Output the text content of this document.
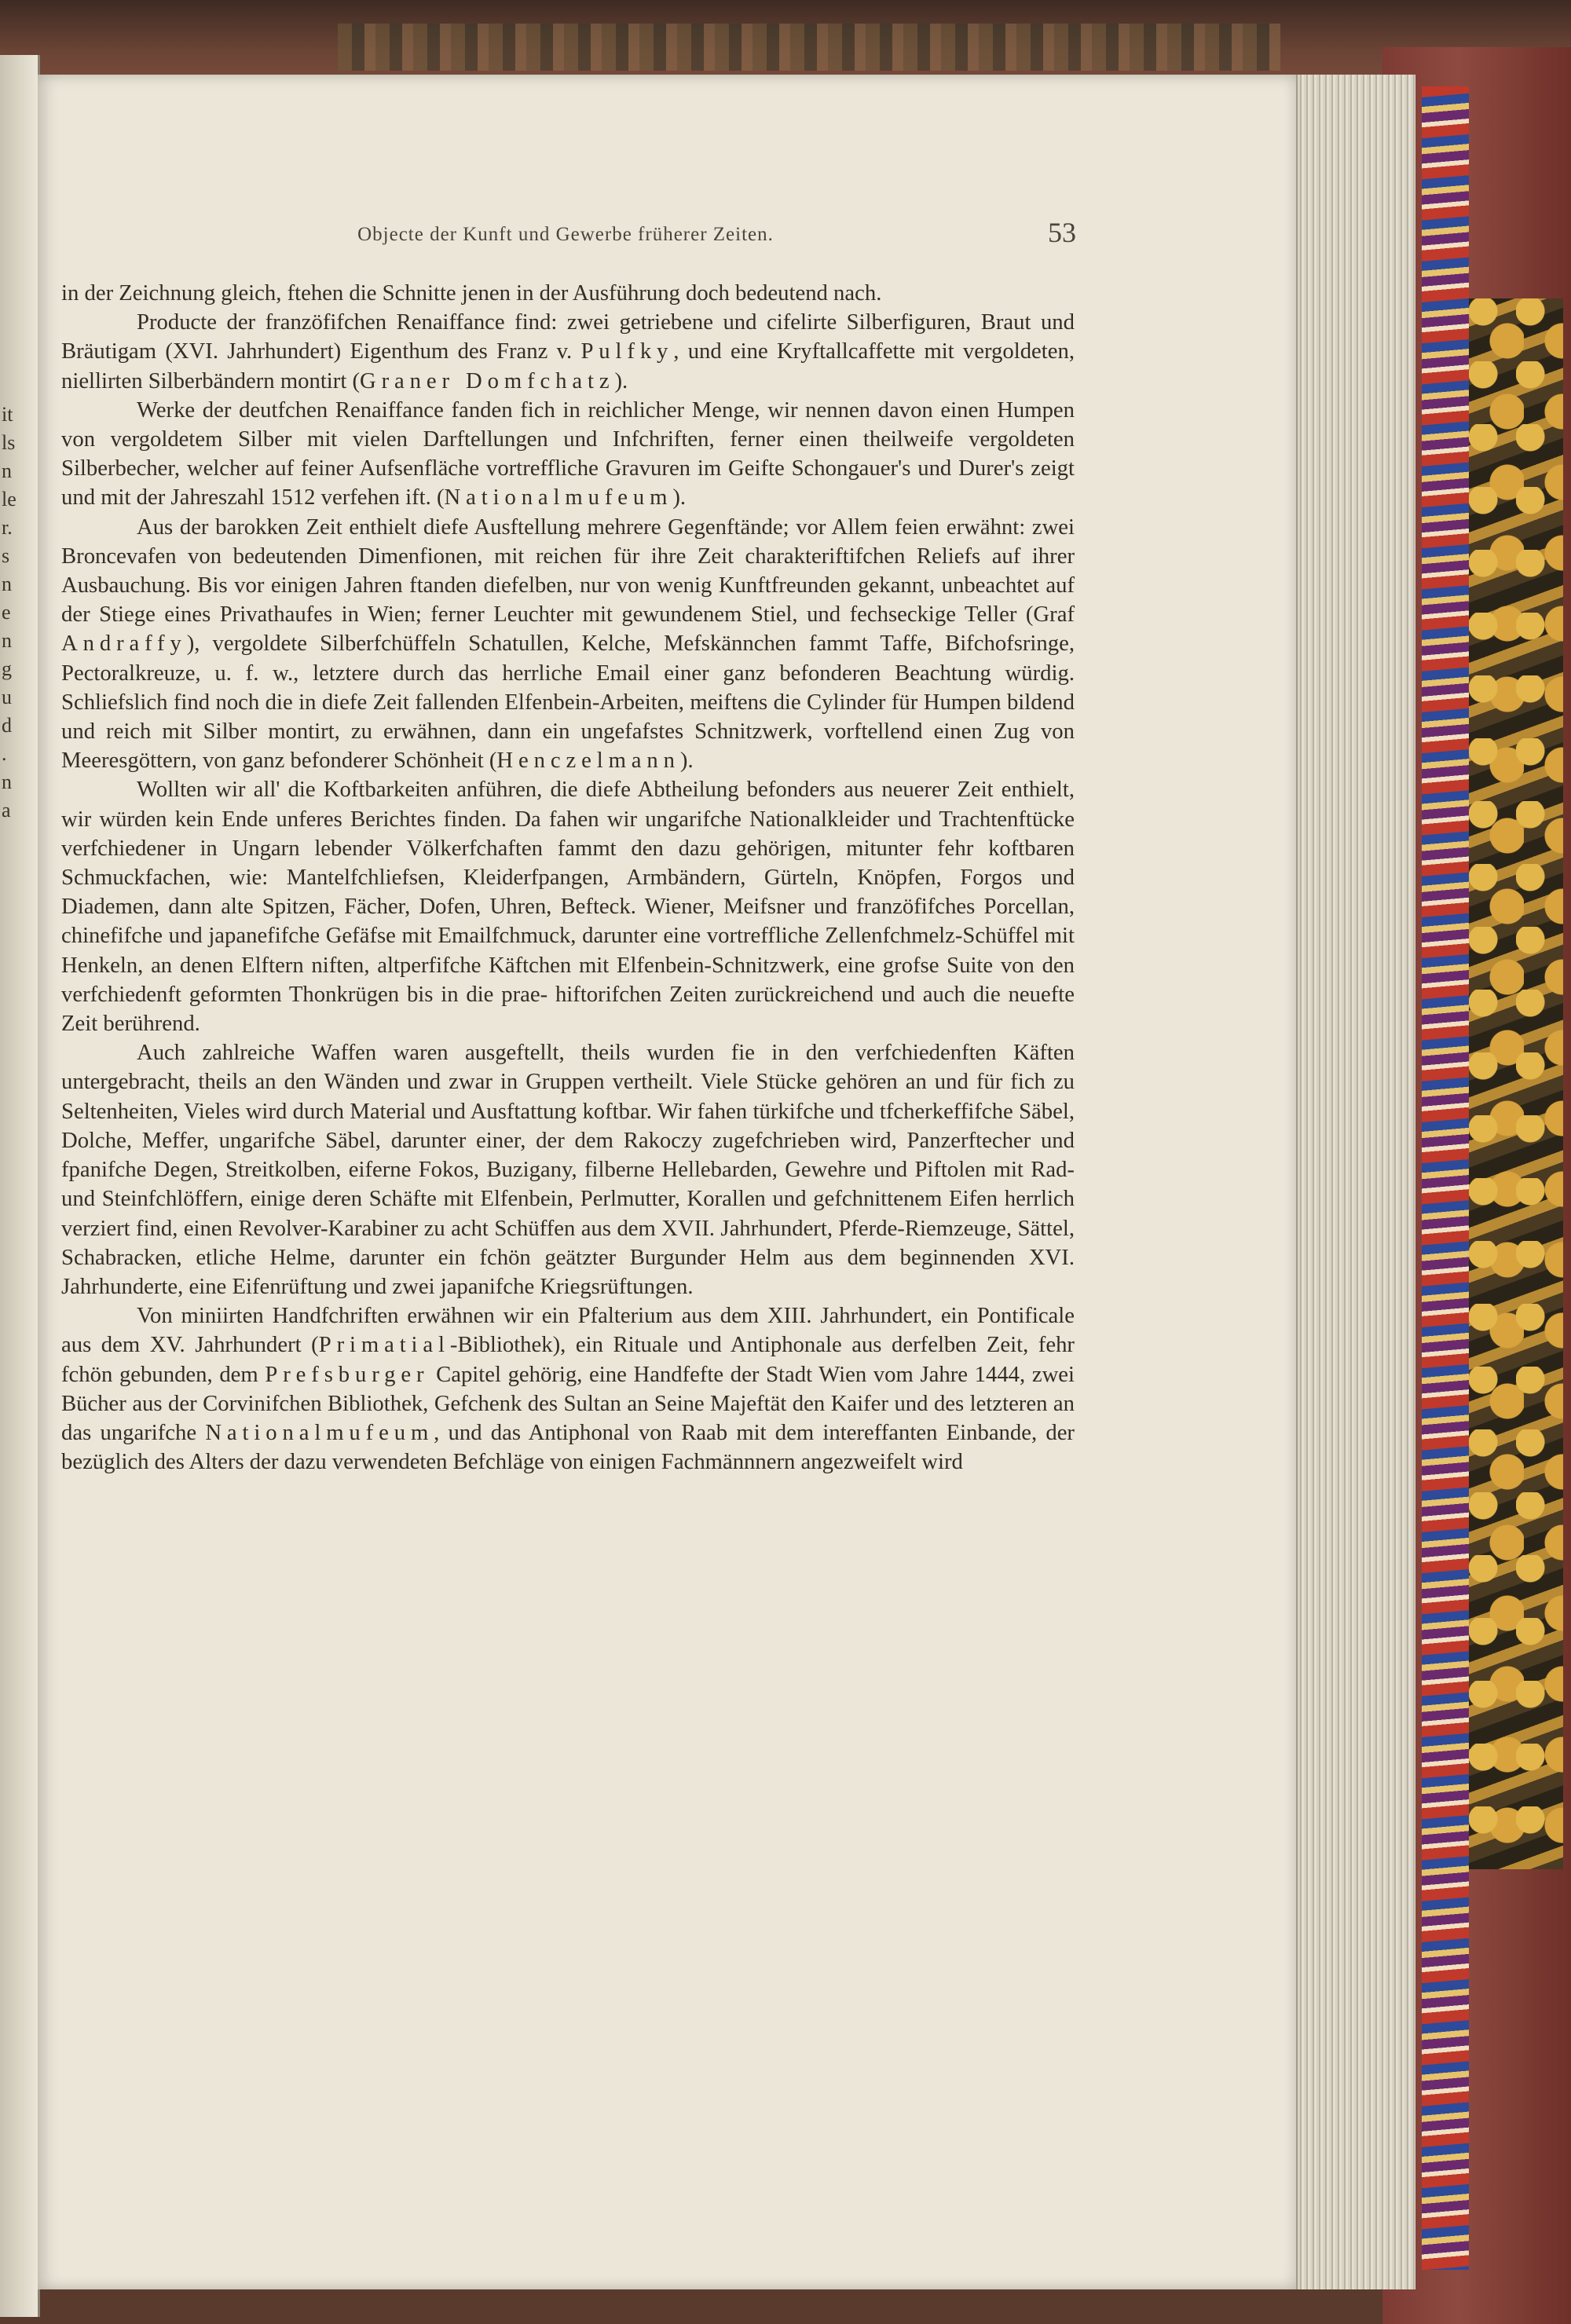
it
ls
n
le
r.
s
n
e
n
g
u
d
.
n
a
Objecte der Kunft und Gewerbe früherer Zeiten.	53

in der Zeichnung gleich, ftehen die Schnitte jenen in der Ausführung doch bedeutend nach.

Producte der franzöfifchen Renaiffance find: zwei getriebene und cifelirte Silberfiguren, Braut und Bräutigam (XVI. Jahrhundert) Eigenthum des Franz v. Pulfky, und eine Kryftallcaffette mit vergoldeten, niellirten Silberbändern montirt (Graner Domfchatz).

Werke der deutfchen Renaiffance fanden fich in reichlicher Menge, wir nennen davon einen Humpen von vergoldetem Silber mit vielen Darftellungen und Infchriften, ferner einen theilweife vergoldeten Silberbecher, welcher auf feiner Aufsenfläche vortreffliche Gravuren im Geifte Schongauer's und Durer's zeigt und mit der Jahreszahl 1512 verfehen ift. (Nationalmufeum).

Aus der barokken Zeit enthielt diefe Ausftellung mehrere Gegenftände; vor Allem feien erwähnt: zwei Broncevafen von bedeutenden Dimenfionen, mit reichen für ihre Zeit charakteriftifchen Reliefs auf ihrer Ausbauchung. Bis vor einigen Jahren ftanden diefelben, nur von wenig Kunftfreunden gekannt, unbeachtet auf der Stiege eines Privathaufes in Wien; ferner Leuchter mit gewundenem Stiel, und fechseckige Teller (Graf Andraffy), vergoldete Silberfchüffeln Schatullen, Kelche, Mefskännchen fammt Taffe, Bifchofsringe, Pectoralkreuze, u. f. w., letztere durch das herrliche Email einer ganz befonderen Beachtung würdig. Schliefslich find noch die in diefe Zeit fallenden Elfenbein-Arbeiten, meiftens die Cylinder für Humpen bildend und reich mit Silber montirt, zu erwähnen, dann ein ungefafstes Schnitzwerk, vorftellend einen Zug von Meeresgöttern, von ganz befonderer Schönheit (Henczelmann).

Wollten wir all' die Koftbarkeiten anführen, die diefe Abtheilung befonders aus neuerer Zeit enthielt, wir würden kein Ende unferes Berichtes finden. Da fahen wir ungarifche Nationalkleider und Trachtenftücke verfchiedener in Ungarn lebender Völkerfchaften fammt den dazu gehörigen, mitunter fehr koftbaren Schmuckfachen, wie: Mantelfchliefsen, Kleiderfpangen, Armbändern, Gürteln, Knöpfen, Forgos und Diademen, dann alte Spitzen, Fächer, Dofen, Uhren, Befteck. Wiener, Meifsner und franzöfifches Porcellan, chinefifche und japanefifche Gefäfse mit Emailfchmuck, darunter eine vortreffliche Zellenfchmelz-Schüffel mit Henkeln, an denen Elftern niften, altperfifche Käftchen mit Elfenbein-Schnitzwerk, eine grofse Suite von den verfchiedenft geformten Thonkrügen bis in die prae- hiftorifchen Zeiten zurückreichend und auch die neuefte Zeit berührend.

Auch zahlreiche Waffen waren ausgeftellt, theils wurden fie in den verfchiedenften Käften untergebracht, theils an den Wänden und zwar in Gruppen vertheilt. Viele Stücke gehören an und für fich zu Seltenheiten, Vieles wird durch Material und Ausftattung koftbar. Wir fahen türkifche und tfcherkeffifche Säbel, Dolche, Meffer, ungarifche Säbel, darunter einer, der dem Rakoczy zugefchrieben wird, Panzerftecher und fpanifche Degen, Streitkolben, eiferne Fokos, Buzigany, filberne Hellebarden, Gewehre und Piftolen mit Rad- und Steinfchlöffern, einige deren Schäfte mit Elfenbein, Perlmutter, Korallen und gefchnittenem Eifen herrlich verziert find, einen Revolver-Karabiner zu acht Schüffen aus dem XVII. Jahrhundert, Pferde-Riemzeuge, Sättel, Schabracken, etliche Helme, darunter ein fchön geätzter Burgunder Helm aus dem beginnenden XVI. Jahrhunderte, eine Eifenrüftung und zwei japanifche Kriegsrüftungen.

Von miniirten Handfchriften erwähnen wir ein Pfalterium aus dem XIII. Jahrhundert, ein Pontificale aus dem XV. Jahrhundert (Primatial-Bibliothek), ein Rituale und Antiphonale aus derfelben Zeit, fehr fchön gebunden, dem Prefsburger Capitel gehörig, eine Handfefte der Stadt Wien vom Jahre 1444, zwei Bücher aus der Corvinifchen Bibliothek, Gefchenk des Sultan an Seine Majeftät den Kaifer und des letzteren an das ungarifche Nationalmufeum, und das Antiphonal von Raab mit dem intereffanten Einbande, der bezüglich des Alters der dazu verwendeten Befchläge von einigen Fachmännnern angezweifelt wird
